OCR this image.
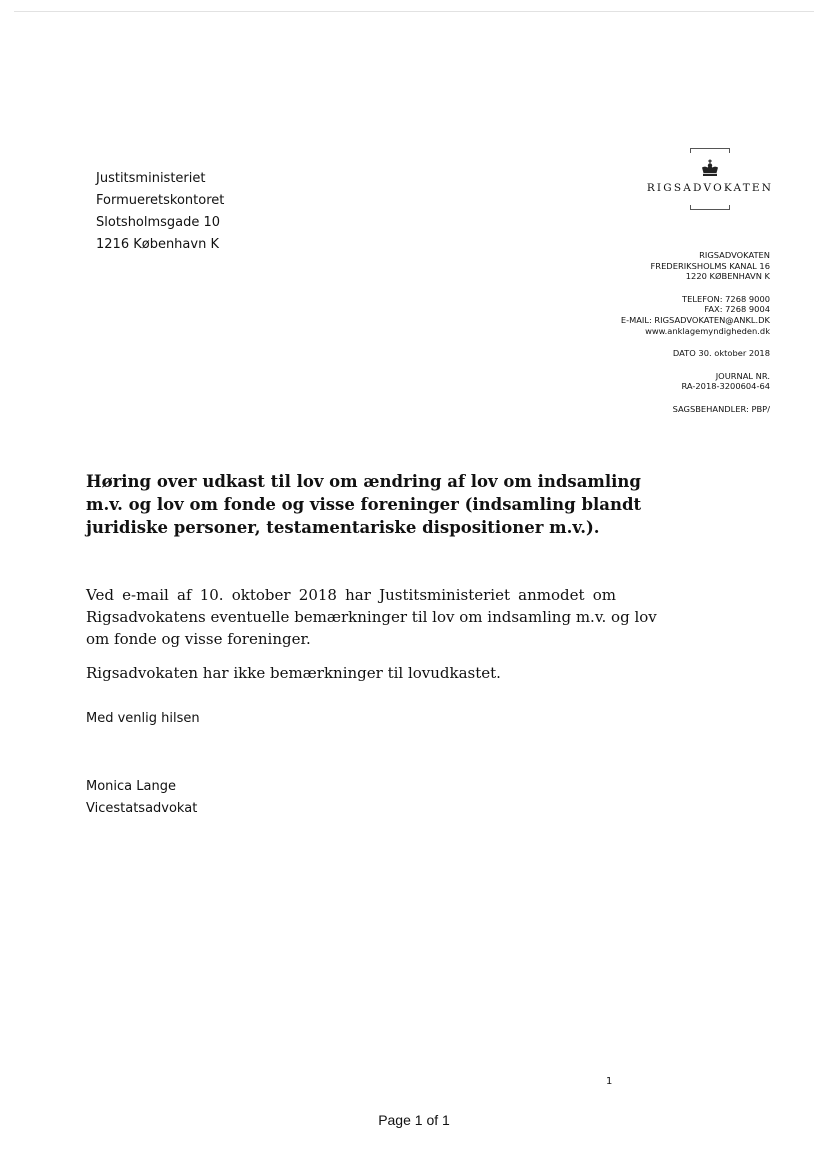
Justitsministeriet
Formueretskontoret
Slotsholmsgade 10
1216 København K
RIGSADVOKATEN
RIGSADVOKATEN
FREDERIKSHOLMS KANAL 16
1220 KØBENHAVN K
TELEFON: 7268 9000
FAX: 7268 9004
E-MAIL: RIGSADVOKATEN@ANKL.DK
www.anklagemyndigheden.dk
DATO 30. oktober 2018
JOURNAL NR.
RA-2018-3200604-64
SAGSBEHANDLER: PBP/
Høring over udkast til lov om ændring af lov om indsamling
m.v. og lov om fonde og visse foreninger (indsamling blandt
juridiske personer, testamentariske dispositioner m.v.).
Ved e-mail af 10. oktober 2018 har Justitsministeriet anmodet om
Rigsadvokatens eventuelle bemærkninger til lov om indsamling m.v. og lov
om fonde og visse foreninger.
Rigsadvokaten har ikke bemærkninger til lovudkastet.
Med venlig hilsen
Monica Lange
Vicestatsadvokat
1
Page 1 of 1
